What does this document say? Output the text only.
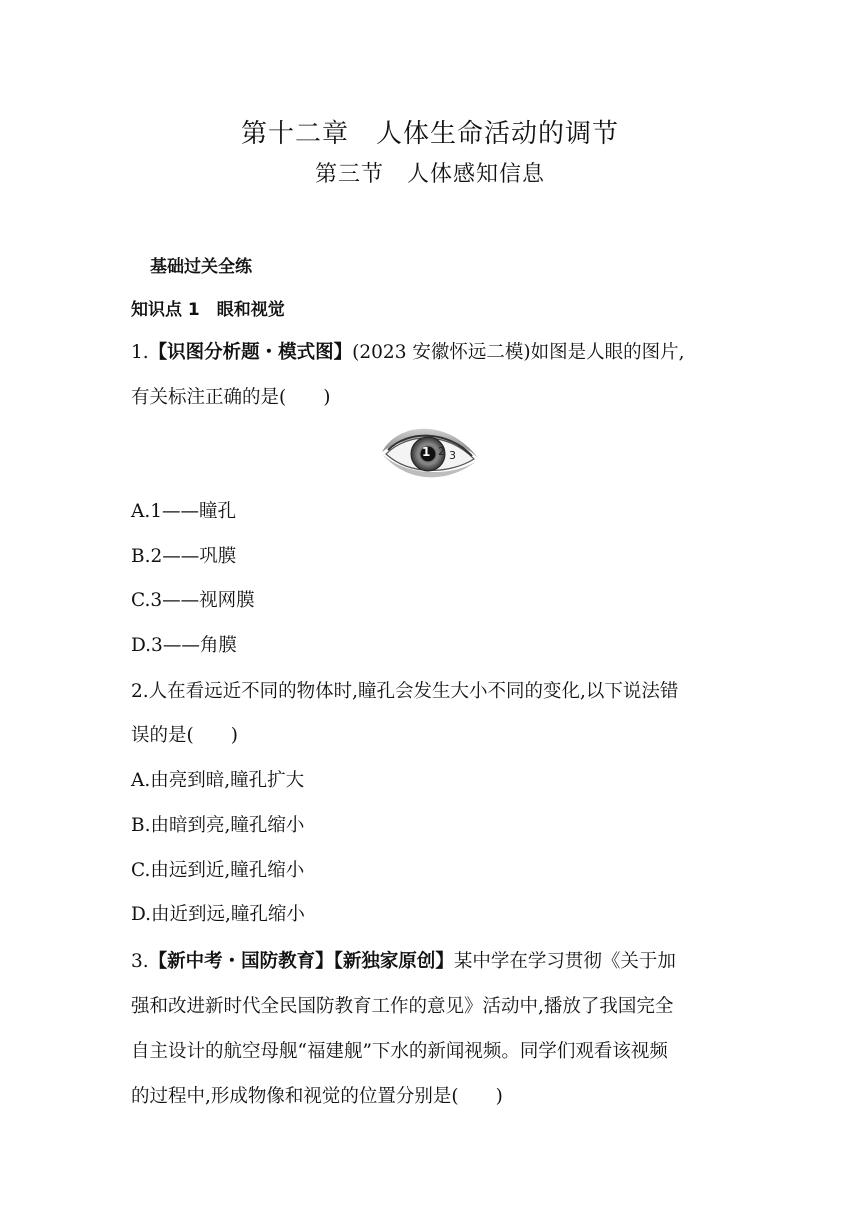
第十二章　人体生命活动的调节
第三节　人体感知信息
基础过关全练
知识点 1　眼和视觉
1.【识图分析题・模式图】(2023 安徽怀远二模)如图是人眼的图片,
有关标注正确的是(　　)
1 2 3
A.1——瞳孔
B.2——巩膜
C.3——视网膜
D.3——角膜
2.人在看远近不同的物体时,瞳孔会发生大小不同的变化,以下说法错
误的是(　　)
A.由亮到暗,瞳孔扩大
B.由暗到亮,瞳孔缩小
C.由远到近,瞳孔缩小
D.由近到远,瞳孔缩小
3.【新中考・国防教育】【新独家原创】某中学在学习贯彻《关于加
强和改进新时代全民国防教育工作的意见》活动中,播放了我国完全
自主设计的航空母舰“福建舰”下水的新闻视频。同学们观看该视频
的过程中,形成物像和视觉的位置分别是(　　)
